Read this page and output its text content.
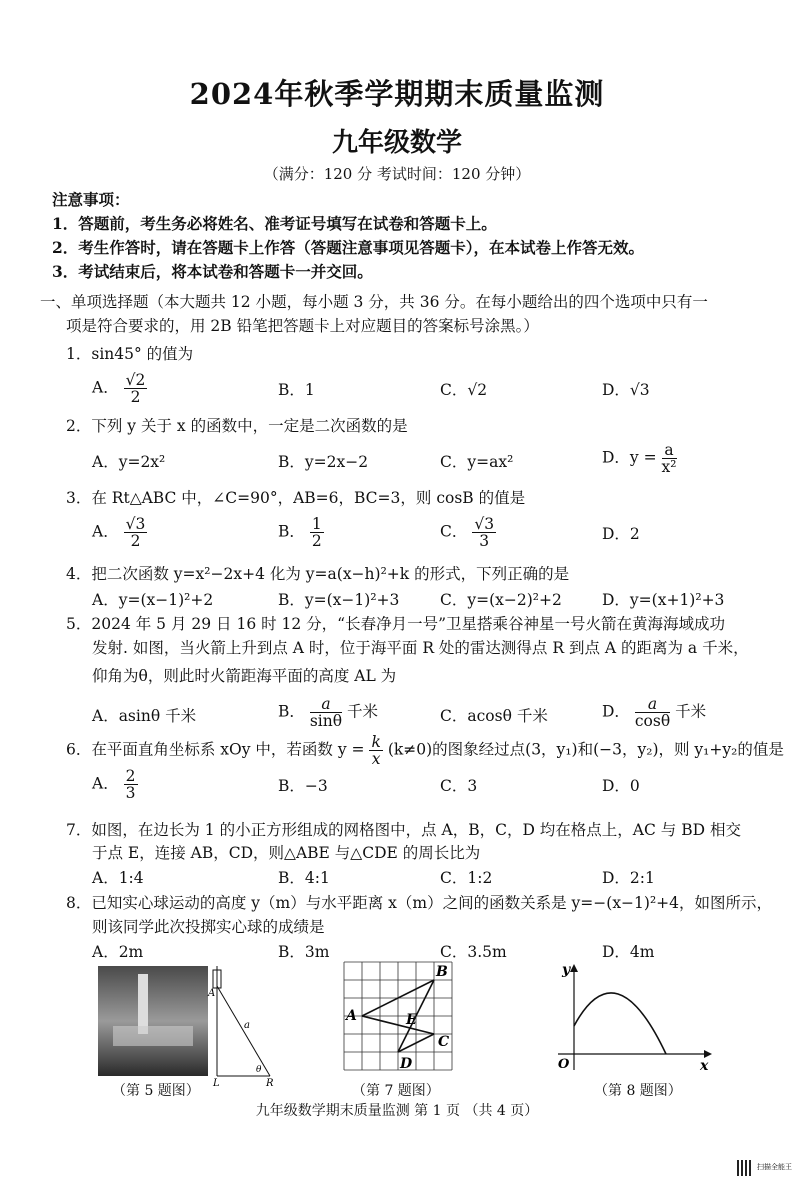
2024年秋季学期期末质量监测
九年级数学
（满分：120 分 考试时间：120 分钟）
注意事项：
1．答题前，考生务必将姓名、准考证号填写在试卷和答题卡上。
2．考生作答时，请在答题卡上作答（答题注意事项见答题卡），在本试卷上作答无效。
3．考试结束后，将本试卷和答题卡一并交回。
一、单项选择题（本大题共 12 小题，每小题 3 分，共 36 分。在每小题给出的四个选项中只有一
项是符合要求的，用 2B 铅笔把答题卡上对应题目的答案标号涂黑。）
1．sin45° 的值为
A． $\frac{√2}{2}$	B．1	C．√2	D．√3
2．下列 y 关于 x 的函数中，一定是二次函数的是
A．y=2x²	B．y=2x−2	C．y=ax²	D．$y = \frac{a}{\text{x²}}$
3．在 Rt△ABC 中，∠C=90°，AB=6，BC=3，则 cosB 的值是
A． $\frac{√3}{2}$	B． $\frac{1}{2}$	C． $\frac{√3}{3}$	D．2
4．把二次函数 y=x²−2x+4 化为 y=a(x−h)²+k 的形式，下列正确的是
A．y=(x−1)²+2	B．y=(x−1)²+3	C．y=(x−2)²+2	D．y=(x+1)²+3
5．2024 年 5 月 29 日 16 时 12 分，“长春净月一号”卫星搭乘谷神星一号火箭在黄海海域成功
发射. 如图，当火箭上升到点 A 时，位于海平面 R 处的雷达测得点 R 到点 A 的距离为 a 千米，
仰角为θ，则此时火箭距海平面的高度 AL 为
A．asinθ 千米	B． $\frac{a}{\sin\theta}$ 千米	C．acosθ 千米	D． $\frac{a}{\cos\theta}$ 千米
6．在平面直角坐标系 xOy 中，若函数 $y = \frac{k}{x} (k\ne 0)$的图象经过点(3，y₁)和(−3，y₂)，则 y₁+y₂的值是
A． $\frac{2}{3}$	B．−3	C．3	D．0
7．如图，在边长为 1 的小正方形组成的网格图中，点 A，B，C，D 均在格点上，AC 与 BD 相交
于点 E，连接 AB，CD，则△ABE 与△CDE 的周长比为
A．1:4	B．4:1	C．1:2	D．2:1
8．已知实心球运动的高度 y（m）与水平距离 x（m）之间的函数关系是 y=−(x−1)²+4，如图所示，
则该同学此次投掷实心球的成绩是
A．2m	B．3m	C．3.5m	D．4m
A
a
θ
L	R
（第 5 题图）
B
A	E
C
D
（第 7 题图）
y
x
O
（第 8 题图）
九年级数学期末质量监测 第 1 页 （共 4 页）
扫描全能王
